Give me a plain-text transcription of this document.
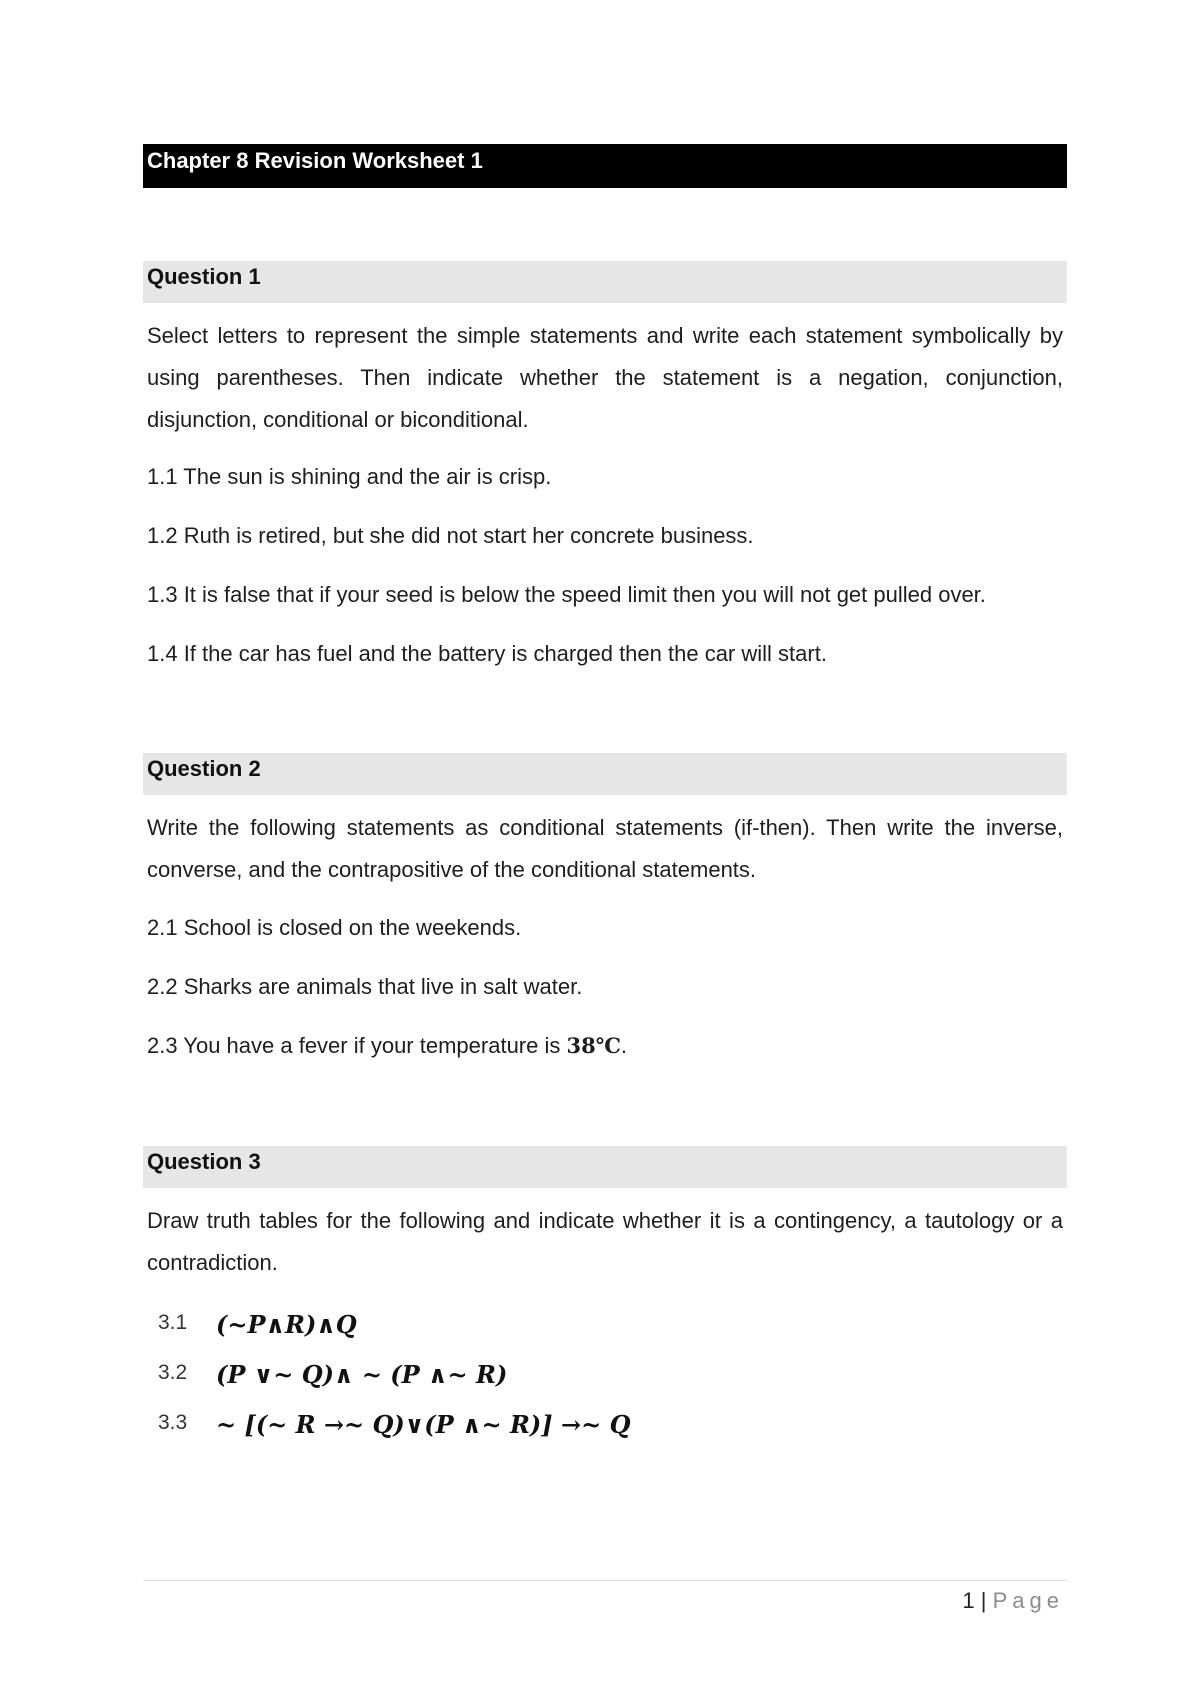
Chapter 8 Revision Worksheet 1
Question 1

Select letters to represent the simple statements and write each statement symbolically by using parentheses. Then indicate whether the statement is a negation, conjunction, disjunction, conditional or biconditional.

1.1 The sun is shining and the air is crisp.

1.2 Ruth is retired, but she did not start her concrete business.

1.3 It is false that if your seed is below the speed limit then you will not get pulled over.

1.4 If the car has fuel and the battery is charged then the car will start.

Question 2

Write the following statements as conditional statements (if-then). Then write the inverse, converse, and the contrapositive of the conditional statements.

2.1 School is closed on the weekends.

2.2 Sharks are animals that live in salt water.

2.3 You have a fever if your temperature is 38℃.

Question 3

Draw truth tables for the following and indicate whether it is a contingency, a tautology or a contradiction.

3.1 (~P∧R)∧Q
3.2 (P ∨~ Q)∧ ~ (P ∧~ R)
3.3 ~ [(~ R →~ Q)∨(P ∧~ R)] →~ Q
1 | Page
